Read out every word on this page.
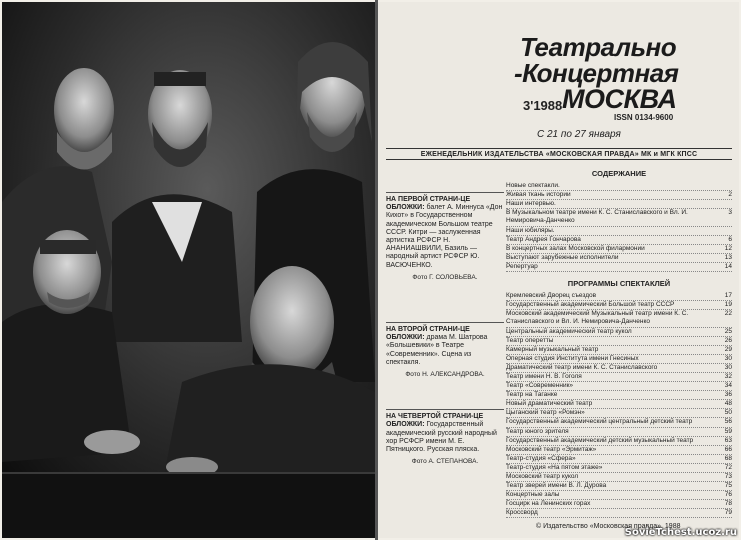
Театрально
-Концертная
МОСКВА
3'1988
ISSN 0134-9600
С 21 по 27 января
ЕЖЕНЕДЕЛЬНИК ИЗДАТЕЛЬСТВА «МОСКОВСКАЯ ПРАВДА» МК и МГК КПСС
НА ПЕРВОЙ СТРАНИ-ЦЕ ОБЛОЖКИ: балет А. Миннуса «Дон Кихот» в Государственном академическом Большом театре СССР. Китри — заслуженная артистка РСФСР Н. АНАНИАШВИЛИ, Базиль — народный артист РСФСР Ю. ВАСЮЧЕНКО.
Фото Г. СОЛОВЬЕВА.
НА ВТОРОЙ СТРАНИ-ЦЕ ОБЛОЖКИ: драма М. Шатрова «Большевики» в Театре «Современник». Сцена из спектакля.
Фото Н. АЛЕКСАНДРОВА.
НА ЧЕТВЕРТОЙ СТРАНИ-ЦЕ ОБЛОЖКИ: Государственный академический русский народный хор РСФСР имени М. Е. Пятницкого. Русская пляска.
Фото А. СТЕПАНОВА.
СОДЕРЖАНИЕ
Новые спектакли.
Живая ткань истории	2
Наши интервью.
В Музыкальном театре имени К. С. Станиславского и Вл. И. Немировича-Данченко
3
Наши юбиляры.
Театр Андрея Гончарова	6
В концертных залах Московской филармонии	12
Выступают зарубежные исполнители	13
Репертуар	14
ПРОГРАММЫ СПЕКТАКЛЕЙ
Кремлевский Дворец съездов	17
Государственный академический Большой театр СССР	19
Московский академический Музыкальный театр имени К. С. Станиславского и Вл. И. Немировича-Данченко
22
Центральный академический театр кукол	25
Театр оперетты	26
Камерный музыкальный театр	29
Оперная студия Института имени Гнесиных	30
Драматический театр имени К. С. Станиславского	30
Театр имени Н. В. Гоголя	32
Театр «Современник»	34
Театр на Таганке	36
Новый драматический театр	48
Цыганский театр «Ромэн»	50
Государственный академический центральный детский театр	56
Театр юного зрителя	59
Государственный академический детский музыкальный театр	63
Московский театр «Эрмитаж»	66
Театр-студия «Сфера»	68
Театр-студия «На пятом этаже»	72
Московский театр кукол	73
Театр зверей имени В. Л. Дурова	75
Концертные залы	76
Госцирк на Ленинских горах	78
Кроссворд	79
© Издательство «Московская правда», 1988
SovieTchest.ucoz.ru
